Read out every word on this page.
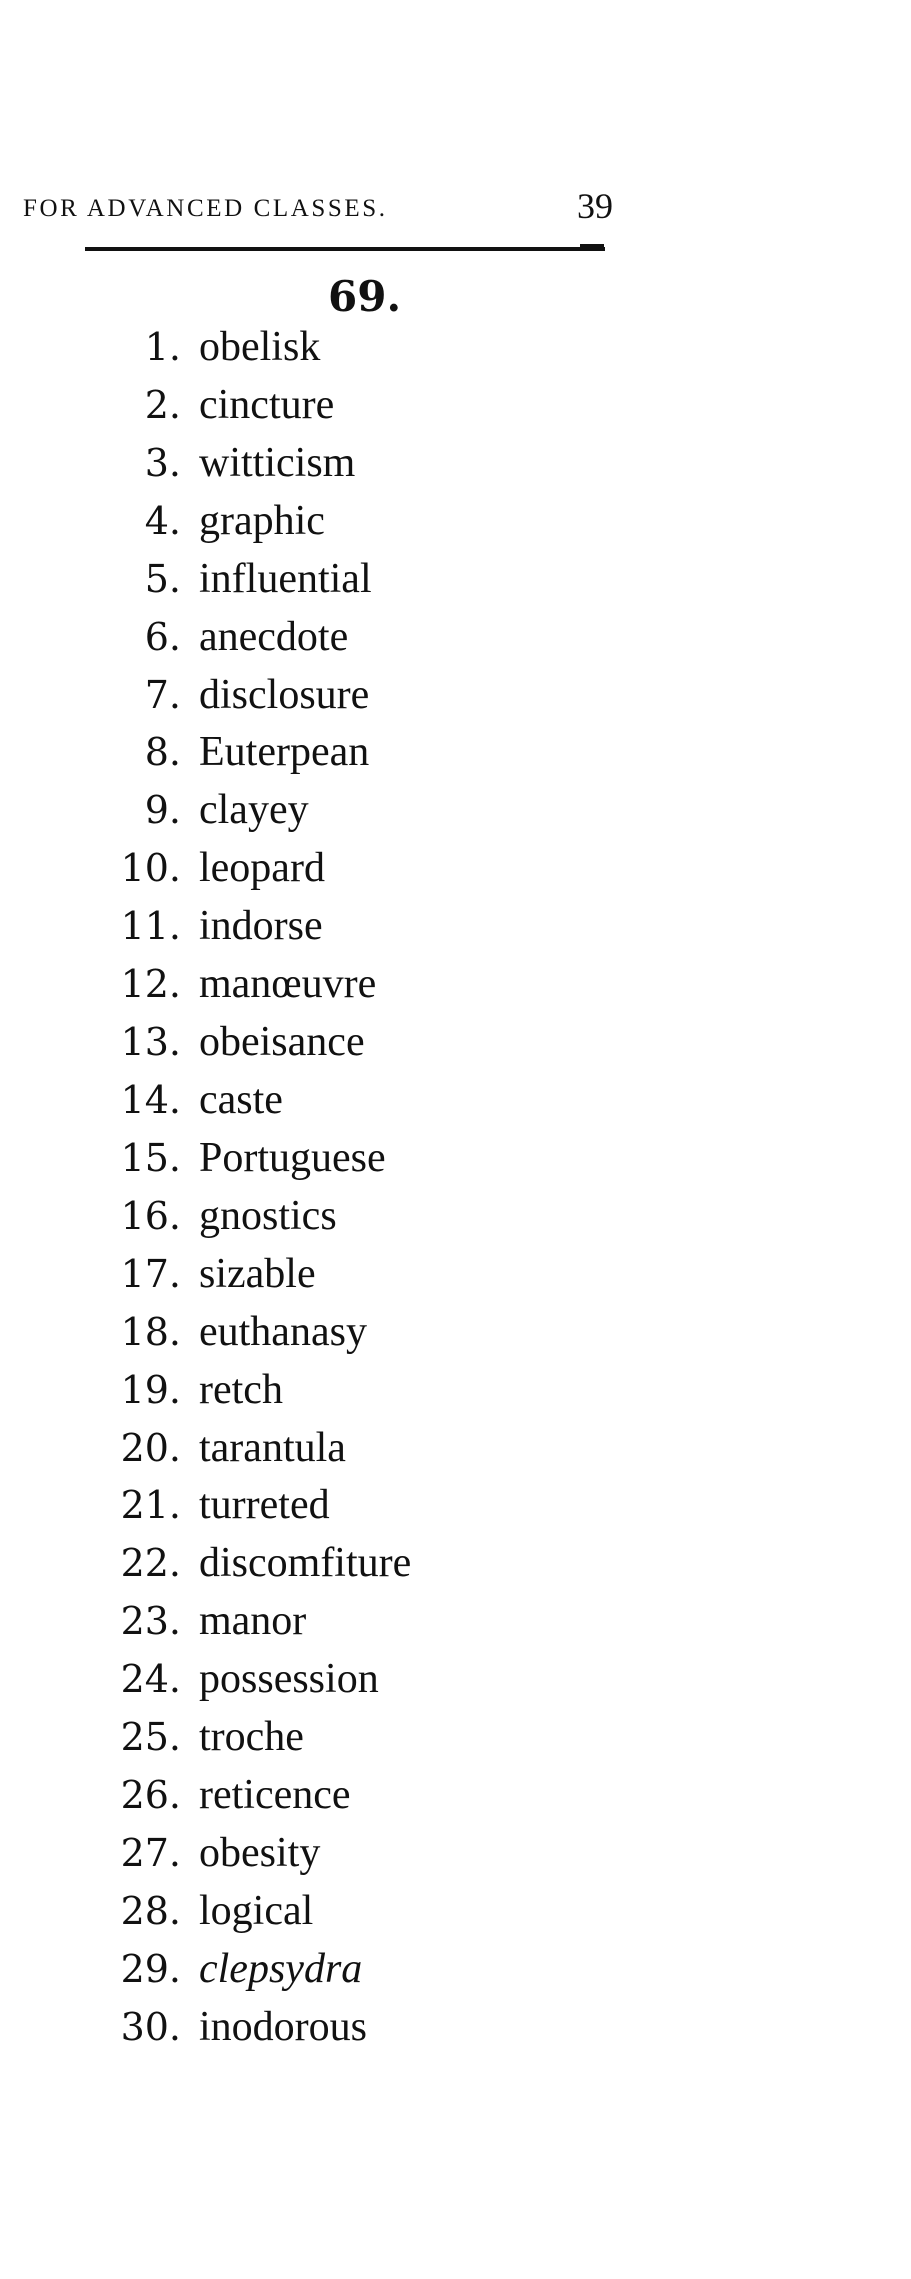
FOR ADVANCED CLASSES.	39
69.
1. obelisk
2. cincture
3. witticism
4. graphic
5. influential
6. anecdote
7. disclosure
8. Euterpean
9. clayey
10. leopard
11. indorse
12. manœuvre
13. obeisance
14. caste
15. Portuguese
16. gnostics
17. sizable
18. euthanasy
19. retch
20. tarantula
21. turreted
22. discomfiture
23. manor
24. possession
25. troche
26. reticence
27. obesity
28. logical
29. clepsydra
30. inodorous
